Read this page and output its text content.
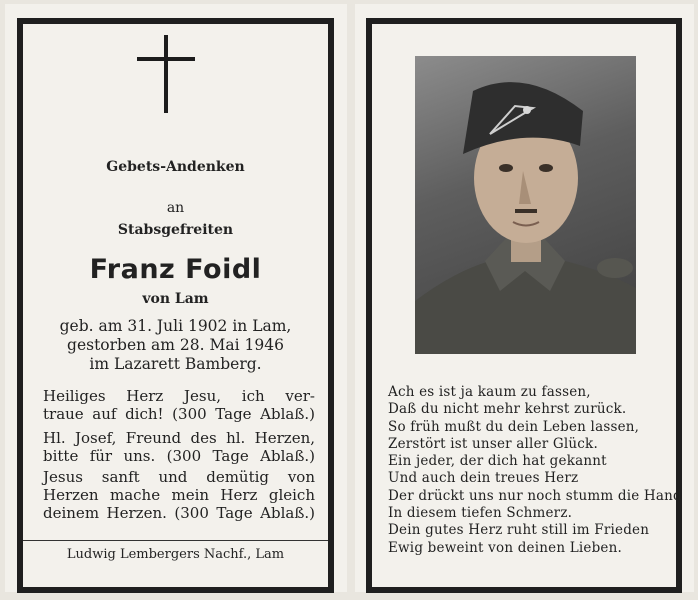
Gebets-Andenken
an
Stabsgefreiten
Franz Foidl
von Lam
geb. am 31. Juli 1902 in Lam,
gestorben am 28. Mai 1946
im Lazarett Bamberg.
Heiliges Herz Jesu, ich ver-
traue auf dich! (300 Tage Ablaß.)
Hl. Josef, Freund des hl. Herzen,
bitte für uns. (300 Tage Ablaß.)
Jesus sanft und demütig von
Herzen mache mein Herz gleich
deinem Herzen. (300 Tage Ablaß.)
Ludwig Lembergers Nachf., Lam
Ach es ist ja kaum zu fassen,
Daß du nicht mehr kehrst zurück.
So früh mußt du dein Leben lassen,
Zerstört ist unser aller Glück.
Ein jeder, der dich hat gekannt
Und auch dein treues Herz
Der drückt uns nur noch stumm die Hand
In diesem tiefen Schmerz.
Dein gutes Herz ruht still im Frieden
Ewig beweint von deinen Lieben.
